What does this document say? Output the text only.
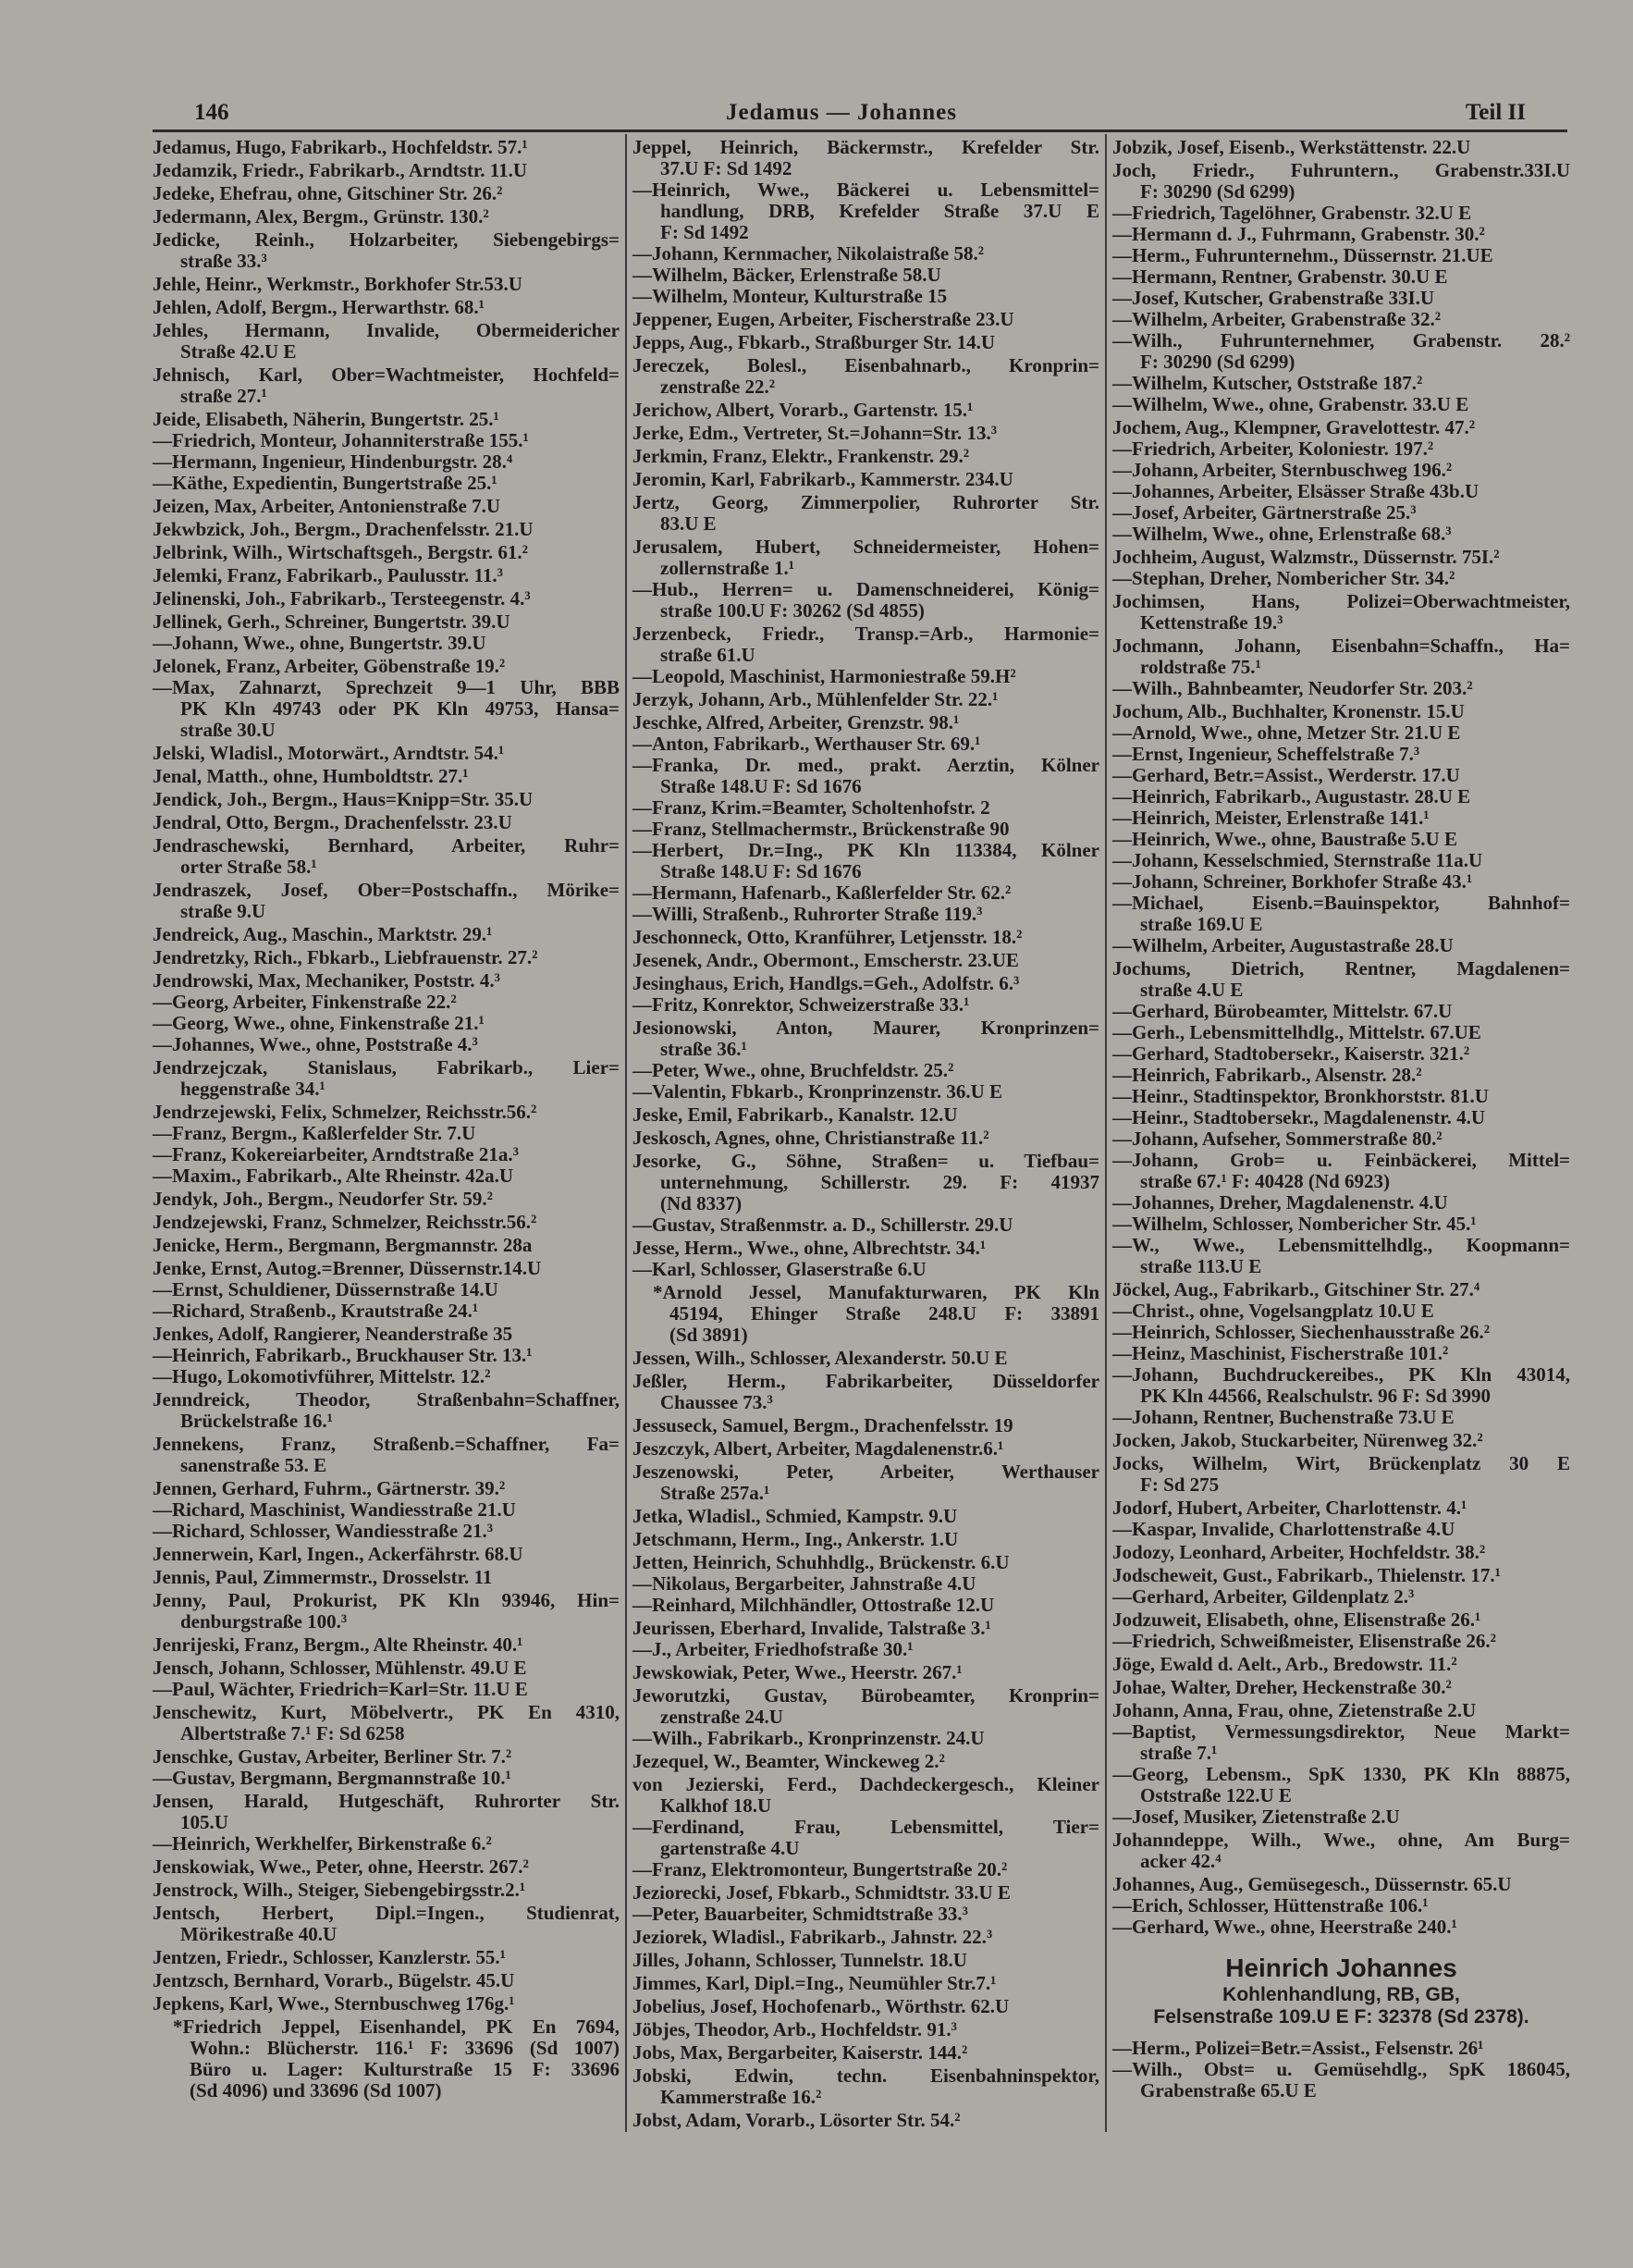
146	Jedamus — Johannes	Teil II
Jedamus, Hugo, Fabrikarb., Hochfeldstr. 57.¹
Jedamzik, Friedr., Fabrikarb., Arndtstr. 11.U
Jedeke, Ehefrau, ohne, Gitschiner Str. 26.²
Jedermann, Alex, Bergm., Grünstr. 130.²
Jedicke, Reinh., Holzarbeiter, Siebengebirgs=
straße 33.³
Jehle, Heinr., Werkmstr., Borkhofer Str.53.U
Jehlen, Adolf, Bergm., Herwarthstr. 68.¹
Jehles, Hermann, Invalide, Obermeidericher
Straße 42.U E
Jehnisch, Karl, Ober=Wachtmeister, Hochfeld=
straße 27.¹
Jeide, Elisabeth, Näherin, Bungertstr. 25.¹
—Friedrich, Monteur, Johanniterstraße 155.¹
—Hermann, Ingenieur, Hindenburgstr. 28.⁴
—Käthe, Expedientin, Bungertstraße 25.¹
Jeizen, Max, Arbeiter, Antonienstraße 7.U
Jekwbzick, Joh., Bergm., Drachenfelsstr. 21.U
Jelbrink, Wilh., Wirtschaftsgeh., Bergstr. 61.²
Jelemki, Franz, Fabrikarb., Paulusstr. 11.³
Jelinenski, Joh., Fabrikarb., Tersteegenstr. 4.³
Jellinek, Gerh., Schreiner, Bungertstr. 39.U
—Johann, Wwe., ohne, Bungertstr. 39.U
Jelonek, Franz, Arbeiter, Göbenstraße 19.²
—Max, Zahnarzt, Sprechzeit 9—1 Uhr, BBB
PK Kln 49743 oder PK Kln 49753, Hansa=
straße 30.U
Jelski, Wladisl., Motorwärt., Arndtstr. 54.¹
Jenal, Matth., ohne, Humboldtstr. 27.¹
Jendick, Joh., Bergm., Haus=Knipp=Str. 35.U
Jendral, Otto, Bergm., Drachenfelsstr. 23.U
Jendraschewski, Bernhard, Arbeiter, Ruhr=
orter Straße 58.¹
Jendraszek, Josef, Ober=Postschaffn., Mörike=
straße 9.U
Jendreick, Aug., Maschin., Marktstr. 29.¹
Jendretzky, Rich., Fbkarb., Liebfrauenstr. 27.²
Jendrowski, Max, Mechaniker, Poststr. 4.³
—Georg, Arbeiter, Finkenstraße 22.²
—Georg, Wwe., ohne, Finkenstraße 21.¹
—Johannes, Wwe., ohne, Poststraße 4.³
Jendrzejczak, Stanislaus, Fabrikarb., Lier=
heggenstraße 34.¹
Jendrzejewski, Felix, Schmelzer, Reichsstr.56.²
—Franz, Bergm., Kaßlerfelder Str. 7.U
—Franz, Kokereiarbeiter, Arndtstraße 21a.³
—Maxim., Fabrikarb., Alte Rheinstr. 42a.U
Jendyk, Joh., Bergm., Neudorfer Str. 59.²
Jendzejewski, Franz, Schmelzer, Reichsstr.56.²
Jenicke, Herm., Bergmann, Bergmannstr. 28a
Jenke, Ernst, Autog.=Brenner, Düssernstr.14.U
—Ernst, Schuldiener, Düssernstraße 14.U
—Richard, Straßenb., Krautstraße 24.¹
Jenkes, Adolf, Rangierer, Neanderstraße 35
—Heinrich, Fabrikarb., Bruckhauser Str. 13.¹
—Hugo, Lokomotivführer, Mittelstr. 12.²
Jenndreick, Theodor, Straßenbahn=Schaffner,
Brückelstraße 16.¹
Jennekens, Franz, Straßenb.=Schaffner, Fa=
sanenstraße 53. E
Jennen, Gerhard, Fuhrm., Gärtnerstr. 39.²
—Richard, Maschinist, Wandiesstraße 21.U
—Richard, Schlosser, Wandiesstraße 21.³
Jennerwein, Karl, Ingen., Ackerfährstr. 68.U
Jennis, Paul, Zimmermstr., Drosselstr. 11
Jenny, Paul, Prokurist, PK Kln 93946, Hin=
denburgstraße 100.³
Jenrijeski, Franz, Bergm., Alte Rheinstr. 40.¹
Jensch, Johann, Schlosser, Mühlenstr. 49.U E
—Paul, Wächter, Friedrich=Karl=Str. 11.U E
Jenschewitz, Kurt, Möbelvertr., PK En 4310,
Albertstraße 7.¹ F: Sd 6258
Jenschke, Gustav, Arbeiter, Berliner Str. 7.²
—Gustav, Bergmann, Bergmannstraße 10.¹
Jensen, Harald, Hutgeschäft, Ruhrorter Str.
105.U
—Heinrich, Werkhelfer, Birkenstraße 6.²
Jenskowiak, Wwe., Peter, ohne, Heerstr. 267.²
Jenstrock, Wilh., Steiger, Siebengebirgsstr.2.¹
Jentsch, Herbert, Dipl.=Ingen., Studienrat,
Mörikestraße 40.U
Jentzen, Friedr., Schlosser, Kanzlerstr. 55.¹
Jentzsch, Bernhard, Vorarb., Bügelstr. 45.U
Jepkens, Karl, Wwe., Sternbuschweg 176g.¹
*Friedrich Jeppel, Eisenhandel, PK En 7694,
Wohn.: Blücherstr. 116.¹ F: 33696 (Sd 1007)
Büro u. Lager: Kulturstraße 15 F: 33696
(Sd 4096) und 33696 (Sd 1007)
Jeppel, Heinrich, Bäckermstr., Krefelder Str.
37.U F: Sd 1492
—Heinrich, Wwe., Bäckerei u. Lebensmittel=
handlung, DRB, Krefelder Straße 37.U E
F: Sd 1492
—Johann, Kernmacher, Nikolaistraße 58.²
—Wilhelm, Bäcker, Erlenstraße 58.U
—Wilhelm, Monteur, Kulturstraße 15
Jeppener, Eugen, Arbeiter, Fischerstraße 23.U
Jepps, Aug., Fbkarb., Straßburger Str. 14.U
Jereczek, Bolesl., Eisenbahnarb., Kronprin=
zenstraße 22.²
Jerichow, Albert, Vorarb., Gartenstr. 15.¹
Jerke, Edm., Vertreter, St.=Johann=Str. 13.³
Jerkmin, Franz, Elektr., Frankenstr. 29.²
Jeromin, Karl, Fabrikarb., Kammerstr. 234.U
Jertz, Georg, Zimmerpolier, Ruhrorter Str.
83.U E
Jerusalem, Hubert, Schneidermeister, Hohen=
zollernstraße 1.¹
—Hub., Herren= u. Damenschneiderei, König=
straße 100.U F: 30262 (Sd 4855)
Jerzenbeck, Friedr., Transp.=Arb., Harmonie=
straße 61.U
—Leopold, Maschinist, Harmoniestraße 59.H²
Jerzyk, Johann, Arb., Mühlenfelder Str. 22.¹
Jeschke, Alfred, Arbeiter, Grenzstr. 98.¹
—Anton, Fabrikarb., Werthauser Str. 69.¹
—Franka, Dr. med., prakt. Aerztin, Kölner
Straße 148.U F: Sd 1676
—Franz, Krim.=Beamter, Scholtenhofstr. 2
—Franz, Stellmachermstr., Brückenstraße 90
—Herbert, Dr.=Ing., PK Kln 113384, Kölner
Straße 148.U F: Sd 1676
—Hermann, Hafenarb., Kaßlerfelder Str. 62.²
—Willi, Straßenb., Ruhrorter Straße 119.³
Jeschonneck, Otto, Kranführer, Letjensstr. 18.²
Jesenek, Andr., Obermont., Emscherstr. 23.UE
Jesinghaus, Erich, Handlgs.=Geh., Adolfstr. 6.³
—Fritz, Konrektor, Schweizerstraße 33.¹
Jesionowski, Anton, Maurer, Kronprinzen=
straße 36.¹
—Peter, Wwe., ohne, Bruchfeldstr. 25.²
—Valentin, Fbkarb., Kronprinzenstr. 36.U E
Jeske, Emil, Fabrikarb., Kanalstr. 12.U
Jeskosch, Agnes, ohne, Christianstraße 11.²
Jesorke, G., Söhne, Straßen= u. Tiefbau=
unternehmung, Schillerstr. 29. F: 41937
(Nd 8337)
—Gustav, Straßenmstr. a. D., Schillerstr. 29.U
Jesse, Herm., Wwe., ohne, Albrechtstr. 34.¹
—Karl, Schlosser, Glaserstraße 6.U
*Arnold Jessel, Manufakturwaren, PK Kln
45194, Ehinger Straße 248.U F: 33891
(Sd 3891)
Jessen, Wilh., Schlosser, Alexanderstr. 50.U E
Jeßler, Herm., Fabrikarbeiter, Düsseldorfer
Chaussee 73.³
Jessuseck, Samuel, Bergm., Drachenfelsstr. 19
Jeszczyk, Albert, Arbeiter, Magdalenenstr.6.¹
Jeszenowski, Peter, Arbeiter, Werthauser
Straße 257a.¹
Jetka, Wladisl., Schmied, Kampstr. 9.U
Jetschmann, Herm., Ing., Ankerstr. 1.U
Jetten, Heinrich, Schuhhdlg., Brückenstr. 6.U
—Nikolaus, Bergarbeiter, Jahnstraße 4.U
—Reinhard, Milchhändler, Ottostraße 12.U
Jeurissen, Eberhard, Invalide, Talstraße 3.¹
—J., Arbeiter, Friedhofstraße 30.¹
Jewskowiak, Peter, Wwe., Heerstr. 267.¹
Jeworutzki, Gustav, Bürobeamter, Kronprin=
zenstraße 24.U
—Wilh., Fabrikarb., Kronprinzenstr. 24.U
Jezequel, W., Beamter, Winckeweg 2.²
von Jezierski, Ferd., Dachdeckergesch., Kleiner
Kalkhof 18.U
—Ferdinand, Frau, Lebensmittel, Tier=
gartenstraße 4.U
—Franz, Elektromonteur, Bungertstraße 20.²
Jeziorecki, Josef, Fbkarb., Schmidtstr. 33.U E
—Peter, Bauarbeiter, Schmidtstraße 33.³
Jeziorek, Wladisl., Fabrikarb., Jahnstr. 22.³
Jilles, Johann, Schlosser, Tunnelstr. 18.U
Jimmes, Karl, Dipl.=Ing., Neumühler Str.7.¹
Jobelius, Josef, Hochofenarb., Wörthstr. 62.U
Jöbjes, Theodor, Arb., Hochfeldstr. 91.³
Jobs, Max, Bergarbeiter, Kaiserstr. 144.²
Jobski, Edwin, techn. Eisenbahninspektor,
Kammerstraße 16.²
Jobst, Adam, Vorarb., Lösorter Str. 54.²
Jobzik, Josef, Eisenb., Werkstättenstr. 22.U
Joch, Friedr., Fuhruntern., Grabenstr.33I.U
F: 30290 (Sd 6299)
—Friedrich, Tagelöhner, Grabenstr. 32.U E
—Hermann d. J., Fuhrmann, Grabenstr. 30.²
—Herm., Fuhrunternehm., Düssernstr. 21.UE
—Hermann, Rentner, Grabenstr. 30.U E
—Josef, Kutscher, Grabenstraße 33I.U
—Wilhelm, Arbeiter, Grabenstraße 32.²
—Wilh., Fuhrunternehmer, Grabenstr. 28.²
F: 30290 (Sd 6299)
—Wilhelm, Kutscher, Oststraße 187.²
—Wilhelm, Wwe., ohne, Grabenstr. 33.U E
Jochem, Aug., Klempner, Gravelottestr. 47.²
—Friedrich, Arbeiter, Koloniestr. 197.²
—Johann, Arbeiter, Sternbuschweg 196.²
—Johannes, Arbeiter, Elsässer Straße 43b.U
—Josef, Arbeiter, Gärtnerstraße 25.³
—Wilhelm, Wwe., ohne, Erlenstraße 68.³
Jochheim, August, Walzmstr., Düssernstr. 75I.²
—Stephan, Dreher, Nombericher Str. 34.²
Jochimsen, Hans, Polizei=Oberwachtmeister,
Kettenstraße 19.³
Jochmann, Johann, Eisenbahn=Schaffn., Ha=
roldstraße 75.¹
—Wilh., Bahnbeamter, Neudorfer Str. 203.²
Jochum, Alb., Buchhalter, Kronenstr. 15.U
—Arnold, Wwe., ohne, Metzer Str. 21.U E
—Ernst, Ingenieur, Scheffelstraße 7.³
—Gerhard, Betr.=Assist., Werderstr. 17.U
—Heinrich, Fabrikarb., Augustastr. 28.U E
—Heinrich, Meister, Erlenstraße 141.¹
—Heinrich, Wwe., ohne, Baustraße 5.U E
—Johann, Kesselschmied, Sternstraße 11a.U
—Johann, Schreiner, Borkhofer Straße 43.¹
—Michael, Eisenb.=Bauinspektor, Bahnhof=
straße 169.U E
—Wilhelm, Arbeiter, Augustastraße 28.U
Jochums, Dietrich, Rentner, Magdalenen=
straße 4.U E
—Gerhard, Bürobeamter, Mittelstr. 67.U
—Gerh., Lebensmittelhdlg., Mittelstr. 67.UE
—Gerhard, Stadtobersekr., Kaiserstr. 321.²
—Heinrich, Fabrikarb., Alsenstr. 28.²
—Heinr., Stadtinspektor, Bronkhorststr. 81.U
—Heinr., Stadtobersekr., Magdalenenstr. 4.U
—Johann, Aufseher, Sommerstraße 80.²
—Johann, Grob= u. Feinbäckerei, Mittel=
straße 67.¹ F: 40428 (Nd 6923)
—Johannes, Dreher, Magdalenenstr. 4.U
—Wilhelm, Schlosser, Nombericher Str. 45.¹
—W., Wwe., Lebensmittelhdlg., Koopmann=
straße 113.U E
Jöckel, Aug., Fabrikarb., Gitschiner Str. 27.⁴
—Christ., ohne, Vogelsangplatz 10.U E
—Heinrich, Schlosser, Siechenhausstraße 26.²
—Heinz, Maschinist, Fischerstraße 101.²
—Johann, Buchdruckereibes., PK Kln 43014,
PK Kln 44566, Realschulstr. 96 F: Sd 3990
—Johann, Rentner, Buchenstraße 73.U E
Jocken, Jakob, Stuckarbeiter, Nürenweg 32.²
Jocks, Wilhelm, Wirt, Brückenplatz 30 E
F: Sd 275
Jodorf, Hubert, Arbeiter, Charlottenstr. 4.¹
—Kaspar, Invalide, Charlottenstraße 4.U
Jodozy, Leonhard, Arbeiter, Hochfeldstr. 38.²
Jodscheweit, Gust., Fabrikarb., Thielenstr. 17.¹
—Gerhard, Arbeiter, Gildenplatz 2.³
Jodzuweit, Elisabeth, ohne, Elisenstraße 26.¹
—Friedrich, Schweißmeister, Elisenstraße 26.²
Jöge, Ewald d. Aelt., Arb., Bredowstr. 11.²
Johae, Walter, Dreher, Heckenstraße 30.²
Johann, Anna, Frau, ohne, Zietenstraße 2.U
—Baptist, Vermessungsdirektor, Neue Markt=
straße 7.¹
—Georg, Lebensm., SpK 1330, PK Kln 88875,
Oststraße 122.U E
—Josef, Musiker, Zietenstraße 2.U
Johanndeppe, Wilh., Wwe., ohne, Am Burg=
acker 42.⁴
Johannes, Aug., Gemüsegesch., Düssernstr. 65.U
—Erich, Schlosser, Hüttenstraße 106.¹
—Gerhard, Wwe., ohne, Heerstraße 240.¹
Heinrich Johannes
Kohlenhandlung, RB, GB,
Felsenstraße 109.U E F: 32378 (Sd 2378).
—Herm., Polizei=Betr.=Assist., Felsenstr. 26¹
—Wilh., Obst= u. Gemüsehdlg., SpK 186045,
Grabenstraße 65.U E
